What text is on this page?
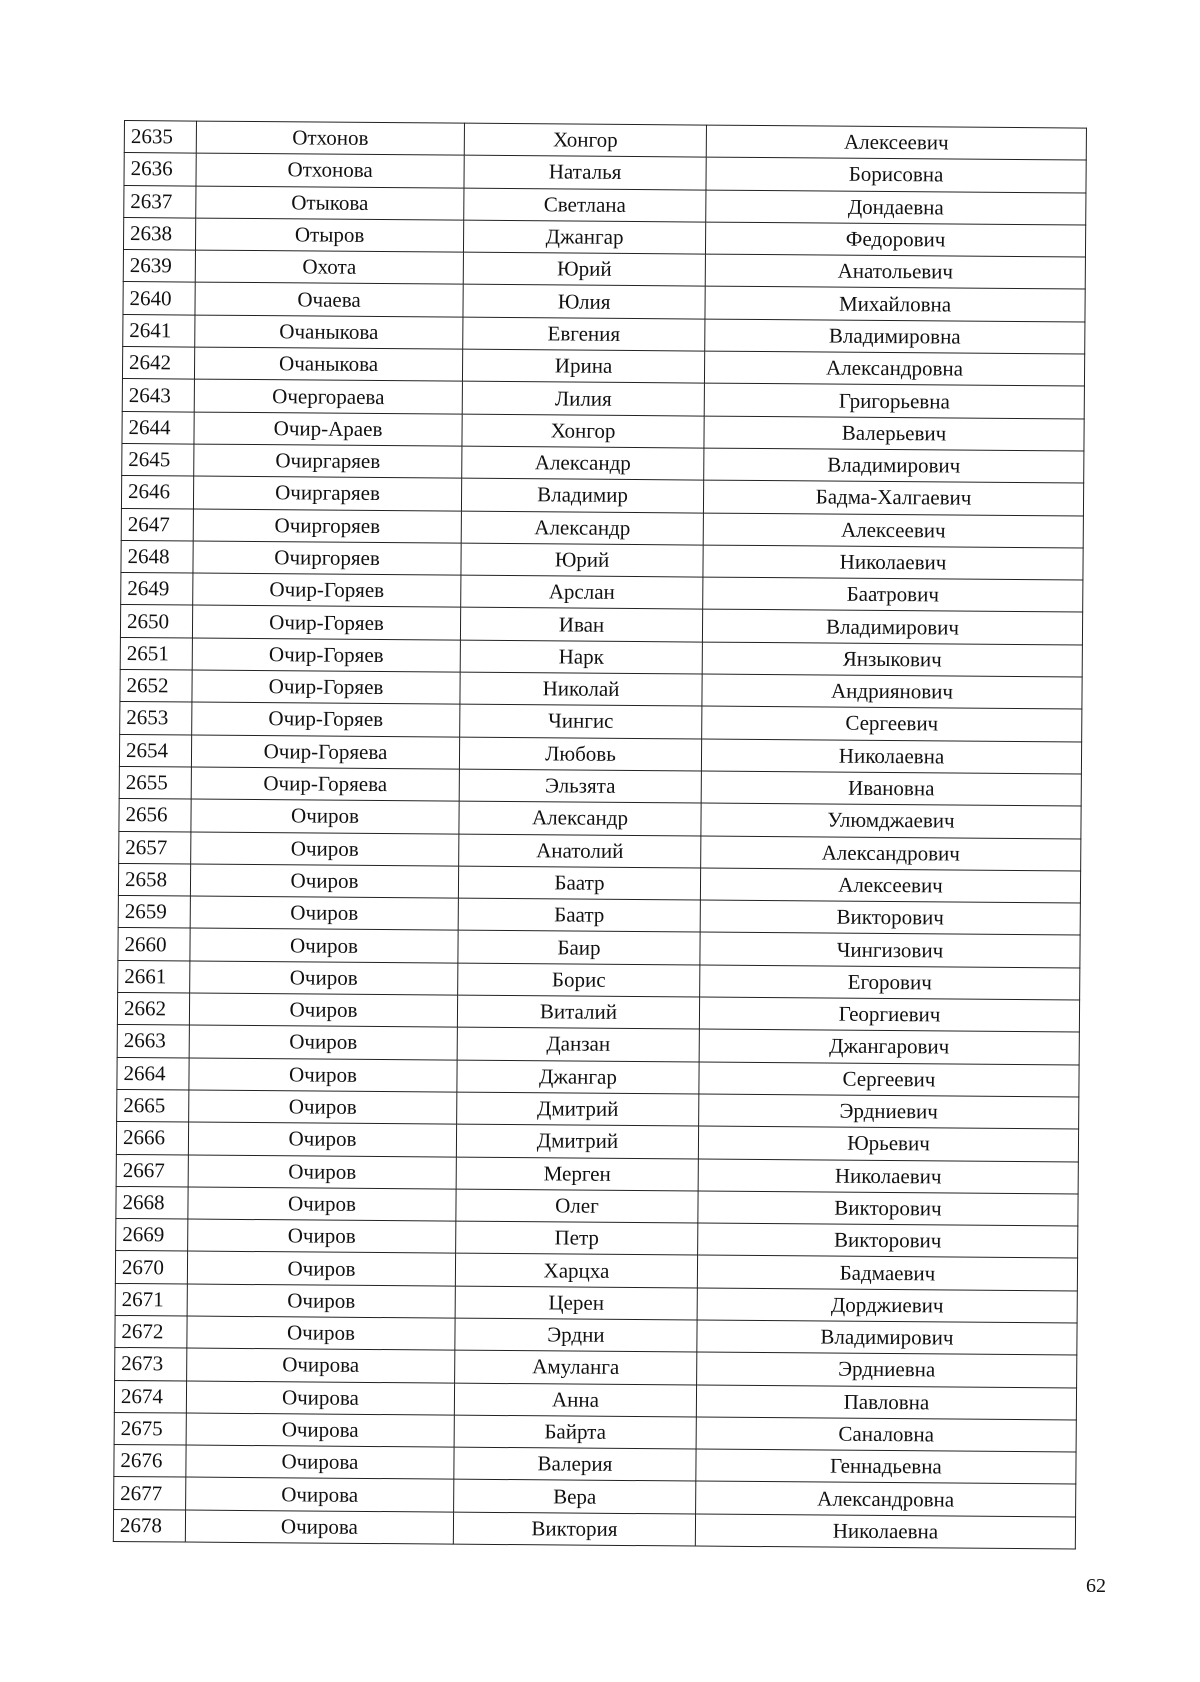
2635	Отхонов	Хонгор	Алексеевич
2636	Отхонова	Наталья	Борисовна
2637	Отыкова	Светлана	Дондаевна
2638	Отыров	Джангар	Федорович
2639	Охота	Юрий	Анатольевич
2640	Очаева	Юлия	Михайловна
2641	Очаныкова	Евгения	Владимировна
2642	Очаныкова	Ирина	Александровна
2643	Очергораева	Лилия	Григорьевна
2644	Очир-Араев	Хонгор	Валерьевич
2645	Очиргаряев	Александр	Владимирович
2646	Очиргаряев	Владимир	Бадма-Халгаевич
2647	Очиргоряев	Александр	Алексеевич
2648	Очиргоряев	Юрий	Николаевич
2649	Очир-Горяев	Арслан	Баатрович
2650	Очир-Горяев	Иван	Владимирович
2651	Очир-Горяев	Нарк	Янзыкович
2652	Очир-Горяев	Николай	Андриянович
2653	Очир-Горяев	Чингис	Сергеевич
2654	Очир-Горяева	Любовь	Николаевна
2655	Очир-Горяева	Эльзята	Ивановна
2656	Очиров	Александр	Улюмджаевич
2657	Очиров	Анатолий	Александрович
2658	Очиров	Баатр	Алексеевич
2659	Очиров	Баатр	Викторович
2660	Очиров	Баир	Чингизович
2661	Очиров	Борис	Егорович
2662	Очиров	Виталий	Георгиевич
2663	Очиров	Данзан	Джангарович
2664	Очиров	Джангар	Сергеевич
2665	Очиров	Дмитрий	Эрдниевич
2666	Очиров	Дмитрий	Юрьевич
2667	Очиров	Мерген	Николаевич
2668	Очиров	Олег	Викторович
2669	Очиров	Петр	Викторович
2670	Очиров	Харцха	Бадмаевич
2671	Очиров	Церен	Дорджиевич
2672	Очиров	Эрдни	Владимирович
2673	Очирова	Амуланга	Эрдниевна
2674	Очирова	Анна	Павловна
2675	Очирова	Байрта	Саналовна
2676	Очирова	Валерия	Геннадьевна
2677	Очирова	Вера	Александровна
2678	Очирова	Виктория	Николаевна
62
